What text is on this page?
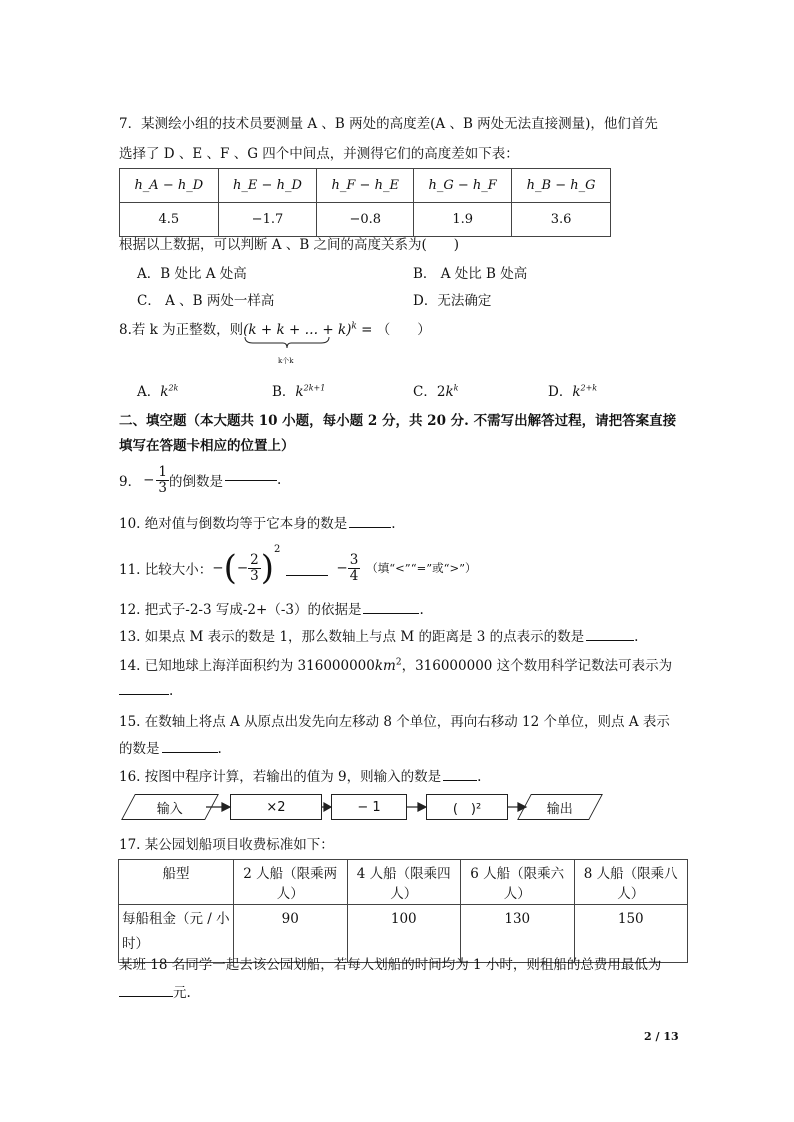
7．某测绘小组的技术员要测量 A 、B 两处的高度差(A 、B 两处无法直接测量)，他们首先
选择了 D 、E 、F 、G 四个中间点，并测得它们的高度差如下表：
h_A − h_D	h_E − h_D	h_F − h_E	h_G − h_F	h_B − h_G
4.5	−1.7	−0.8	1.9	3.6
根据以上数据，可以判断 A 、B 之间的高度关系为(　　)
A．B 处比 A 处高	B． A 处比 B 处高
C． A 、B 两处一样高	D．无法确定
8.若 k 为正整数，则(k + k + … + k)$^k$ = （　　）
k个k
A．$k^{2k}$	B．$k^{2k+1}$	C．$2k^k$	D．$k^{2+k}$
二、填空题（本大题共 10 小题，每小题 2 分，共 20 分. 不需写出解答过程，请把答案直接
填写在答题卡相应的位置上）
9． − $\frac{1}{3}$ 的倒数是	.
10. 绝对值与倒数均等于它本身的数是	.
11. 比较大小： − ( − $\frac{2}{3} )^2$
− $\frac{3}{4}$ （填“<”“=”或“>”）
12. 把式子-2-3 写成-2+（-3）的依据是	.
13. 如果点 M 表示的数是 1，那么数轴上与点 M 的距离是 3 的点表示的数是	.
14. 已知地球上海洋面积约为 $316000000km^2$，316000000 这个数用科学记数法可表示为
.
15. 在数轴上将点 A 从原点出发先向左移动 8 个单位，再向右移动 12 个单位，则点 A 表示
的数是	.
16. 按图中程序计算，若输出的值为 9，则输入的数是	.
输入	×2	− 1	(　)²	输出
17. 某公园划船项目收费标准如下：
船型	2 人船（限乘两人）	4 人船（限乘四人）	6 人船（限乘六人）	8 人船（限乘八人）
每船租金（元 / 小时）	90	100	130	150
某班 18 名同学一起去该公园划船，若每人划船的时间均为 1 小时，则租船的总费用最低为
元.
2 / 13
